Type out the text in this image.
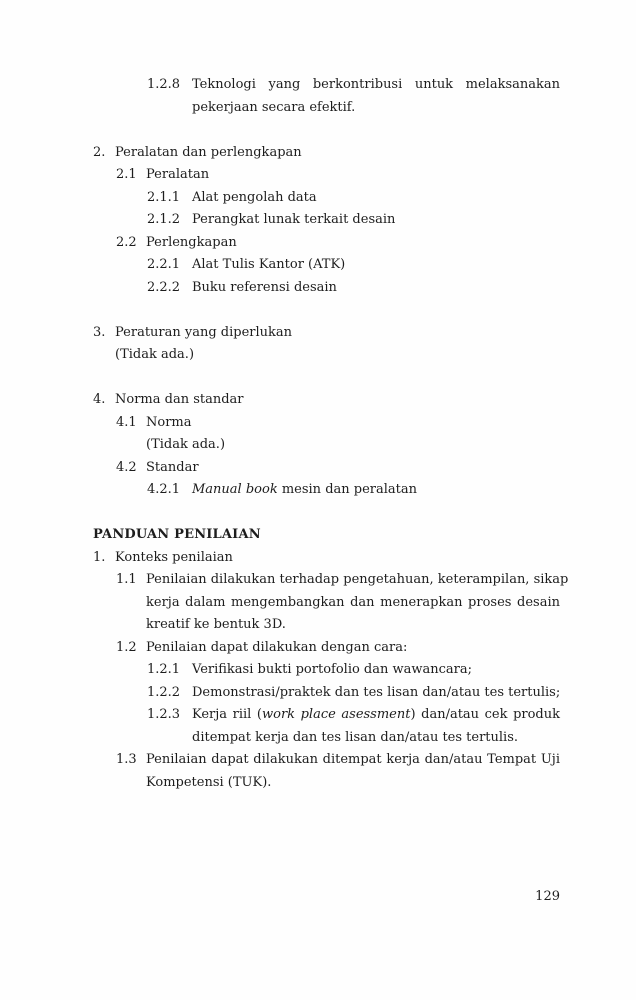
1.2.8 Teknologi yang berkontribusi untuk melaksanakan
pekerjaan secara efektif.
2. Peralatan dan perlengkapan
2.1 Peralatan
2.1.1 Alat pengolah data
2.1.2 Perangkat lunak terkait desain
2.2 Perlengkapan
2.2.1 Alat Tulis Kantor (ATK)
2.2.2 Buku referensi desain
3. Peraturan yang diperlukan
(Tidak ada.)
4. Norma dan standar
4.1 Norma
(Tidak ada.)
4.2 Standar
4.2.1 Manual book mesin dan peralatan
PANDUAN PENILAIAN
1. Konteks penilaian
1.1 Penilaian dilakukan terhadap pengetahuan, keterampilan, sikap
kerja dalam mengembangkan dan menerapkan proses desain
kreatif ke bentuk 3D.
1.2 Penilaian dapat dilakukan dengan cara:
1.2.1 Verifikasi bukti portofolio dan wawancara;
1.2.2 Demonstrasi/praktek dan tes lisan dan/atau tes tertulis;
1.2.3 Kerja riil (work place asessment) dan/atau cek produk
ditempat kerja dan tes lisan dan/atau tes tertulis.
1.3 Penilaian dapat dilakukan ditempat kerja dan/atau Tempat Uji
Kompetensi (TUK).
129
